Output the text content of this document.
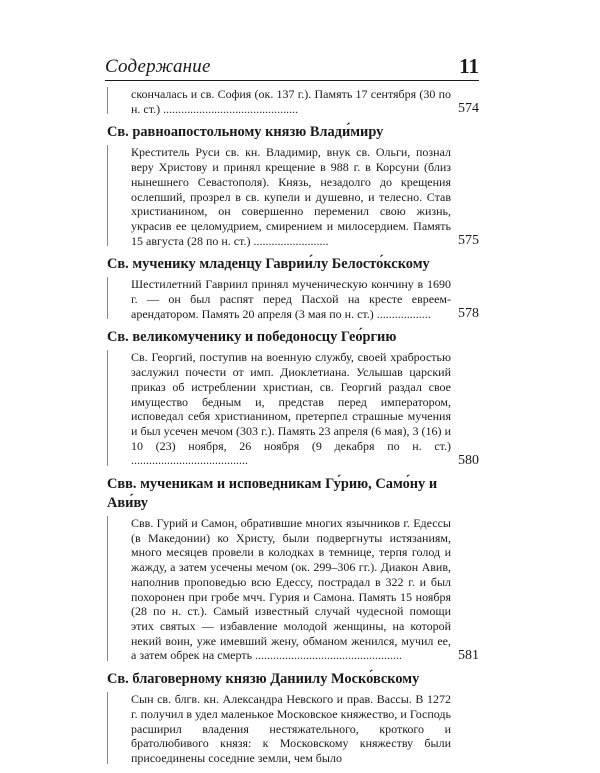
Содержание	11
скончалась и св. София (ок. 137 г.). Память 17 сентября (30 по н. ст.) .............................................	574
Св. равноапостольному князю Влади́миру
Креститель Руси св. кн. Владимир, внук св. Ольги, познал веру Христову и принял крещение в 988 г. в Корсуни (близ нынешнего Севастополя). Князь, незадолго до крещения ослепший, прозрел в св. купели и душевно, и телесно. Став христианином, он совершенно переменил свою жизнь, украсив ее целомудрием, смирением и милосердием. Память 15 августа (28 по н. ст.) .........................	575
Св. мученику младенцу Гаврии́лу Белосто́кскому
Шестилетний Гавриил принял мученическую кончину в 1690 г. — он был распят перед Пасхой на кресте евреем-арендатором. Память 20 апреля (3 мая по н. ст.) ..................	578
Св. великомученику и победоносцу Гео́ргию
Св. Георгий, поступив на военную службу, своей храбростью заслужил почести от имп. Диоклетиана. Услышав царский приказ об истреблении христиан, св. Георгий раздал свое имущество бедным и, представ перед императором, исповедал себя христианином, претерпел страшные мучения и был усечен мечом (303 г.). Память 23 апреля (6 мая), 3 (16) и 10 (23) ноября, 26 ноября (9 декабря по н. ст.) .......................................	580
Свв. мученикам и исповедникам Гу́рию, Само́ну и Ави́ву
Свв. Гурий и Самон, обратившие многих язычников г. Едессы (в Македонии) ко Христу, были подвергнуты истязаниям, много месяцев провели в колодках в темнице, терпя голод и жажду, а затем усечены мечом (ок. 299–306 гг.). Диакон Авив, наполнив проповедью всю Едессу, пострадал в 322 г. и был похоронен при гробе мчч. Гурия и Самона. Память 15 ноября (28 по н. ст.). Самый известный случай чудесной помощи этих святых — избавление молодой женщины, на которой некий воин, уже имевший жену, обманом женился, мучил ее, а затем обрек на смерть .................................................	581
Св. благоверному князю Даниилу Моско́вскому
Сын св. блгв. кн. Александра Невского и прав. Вассы. В 1272 г. получил в удел маленькое Московское княжество, и Господь расширил владения нестяжательного, кроткого и братолюбивого князя: к Московскому княжеству были присоединены соседние земли, чем было
